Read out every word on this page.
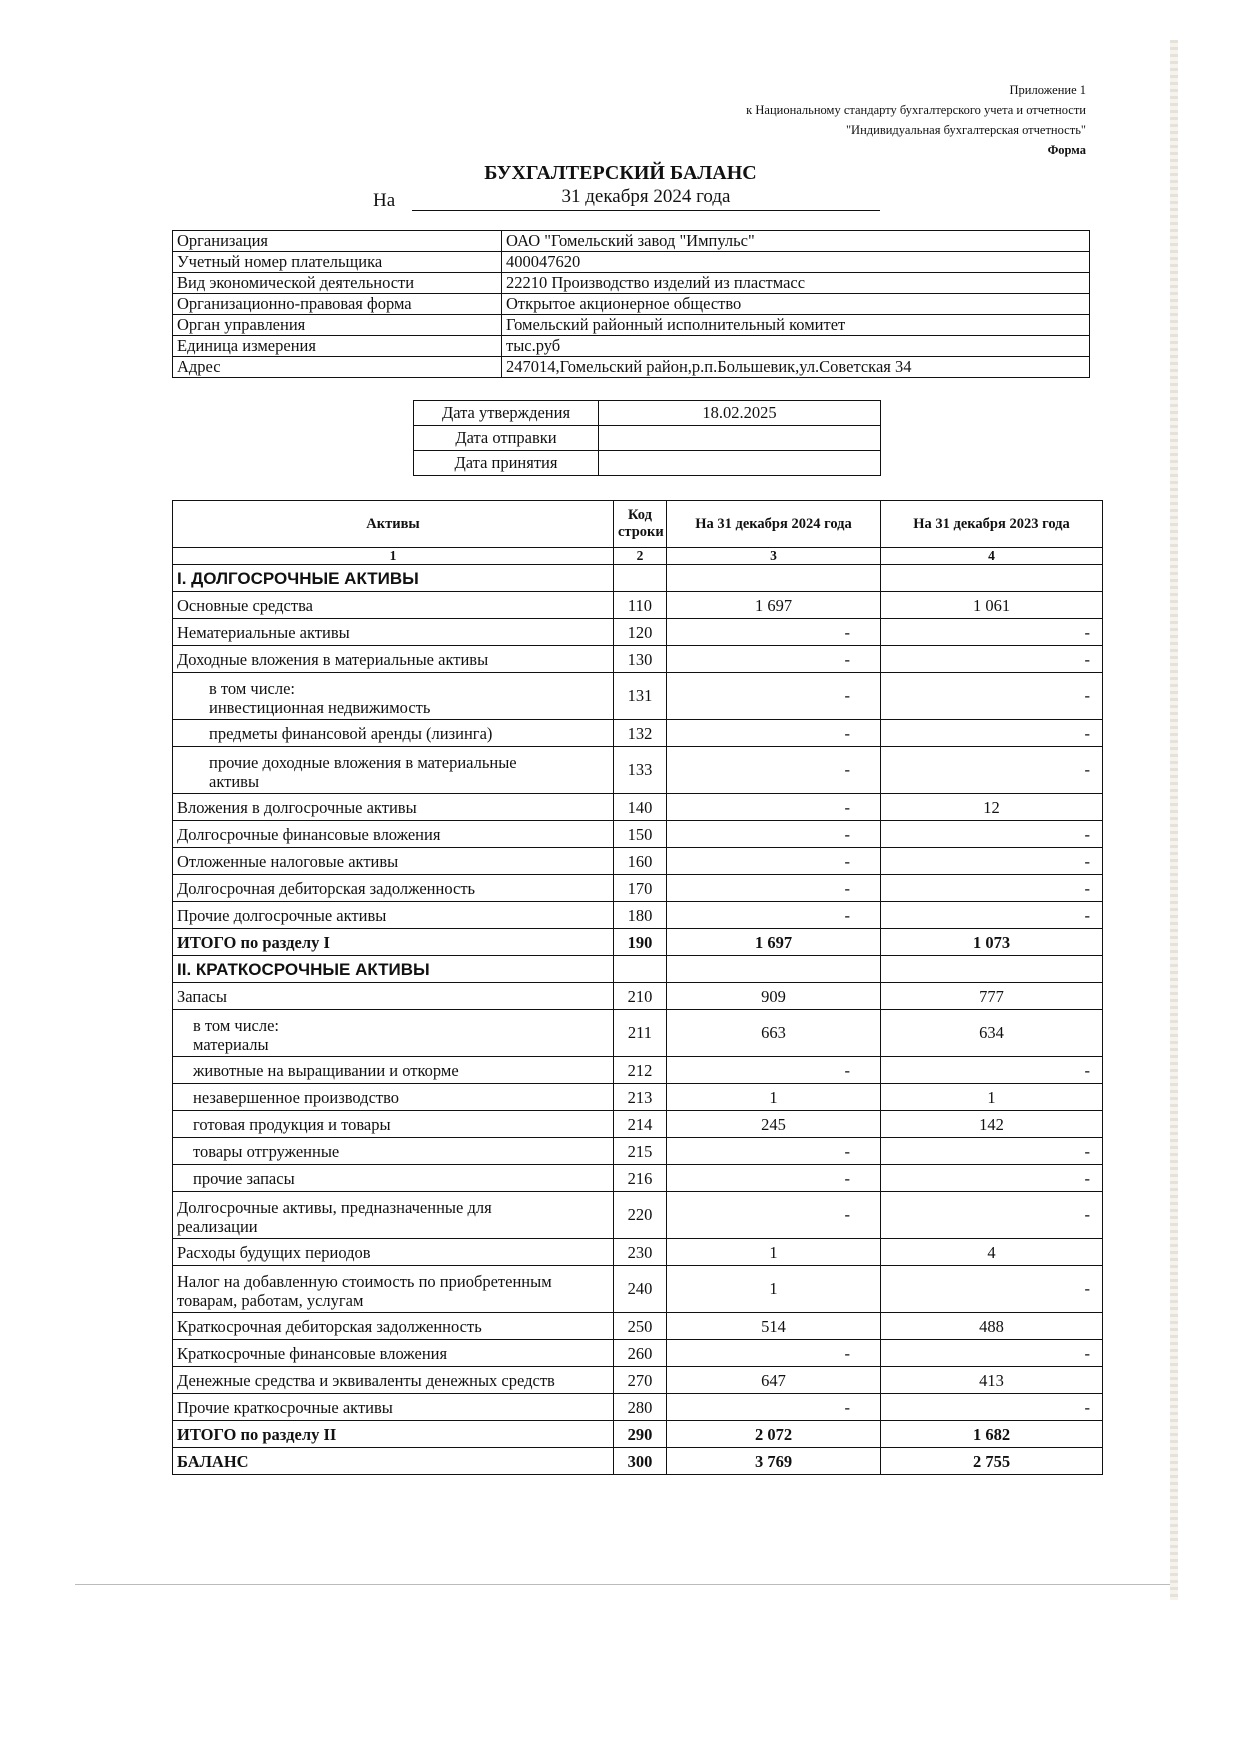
Приложение 1
к Национальному стандарту бухгалтерского учета и отчетности
"Индивидуальная бухгалтерская отчетность"
Форма
БУХГАЛТЕРСКИЙ БАЛАНС
На	31 декабря 2024 года
Организация	ОАО "Гомельский завод "Импульс"
Учетный номер плательщика	400047620
Вид экономической деятельности	22210 Производство изделий из пластмасс
Организационно-правовая форма	Открытое акционерное общество
Орган управления	Гомельский районный исполнительный комитет
Единица измерения	тыс.руб
Адрес	247014,Гомельский район,р.п.Большевик,ул.Советская 34
Дата утверждения	18.02.2025
Дата отправки	
Дата принятия	
Активы	Код строки	На 31 декабря 2024 года	На 31 декабря 2023 года
1	2	3	4

I. ДОЛГОСРОЧНЫЕ АКТИВЫ			

Основные средства	110	1 697	1 061

Нематериальные активы	120	-	-

Доходные вложения в материальные активы	130	-	-

в том числе:
инвестиционная недвижимость	131	-	-

предметы финансовой аренды (лизинга)	132	-	-

прочие доходные вложения в материальные
активы	133	-	-

Вложения в долгосрочные активы	140	-	12

Долгосрочные финансовые вложения	150	-	-

Отложенные налоговые активы	160	-	-

Долгосрочная дебиторская задолженность	170	-	-

Прочие долгосрочные активы	180	-	-

ИТОГО по разделу I	190	1 697	1 073

II. КРАТКОСРОЧНЫЕ АКТИВЫ			

Запасы	210	909	777

в том числе:
материалы	211	663	634

животные на выращивании и откорме	212	-	-

незавершенное производство	213	1	1

готовая продукция и товары	214	245	142

товары отгруженные	215	-	-

прочие запасы	216	-	-

Долгосрочные активы, предназначенные для
реализации	220	-	-

Расходы будущих периодов	230	1	4

Налог на добавленную стоимость по приобретенным
товарам, работам, услугам	240	1	-

Краткосрочная дебиторская задолженность	250	514	488

Краткосрочные финансовые вложения	260	-	-

Денежные средства и эквиваленты денежных средств	270	647	413

Прочие краткосрочные активы	280	-	-

ИТОГО по разделу II	290	2 072	1 682

БАЛАНС	300	3 769	2 755
